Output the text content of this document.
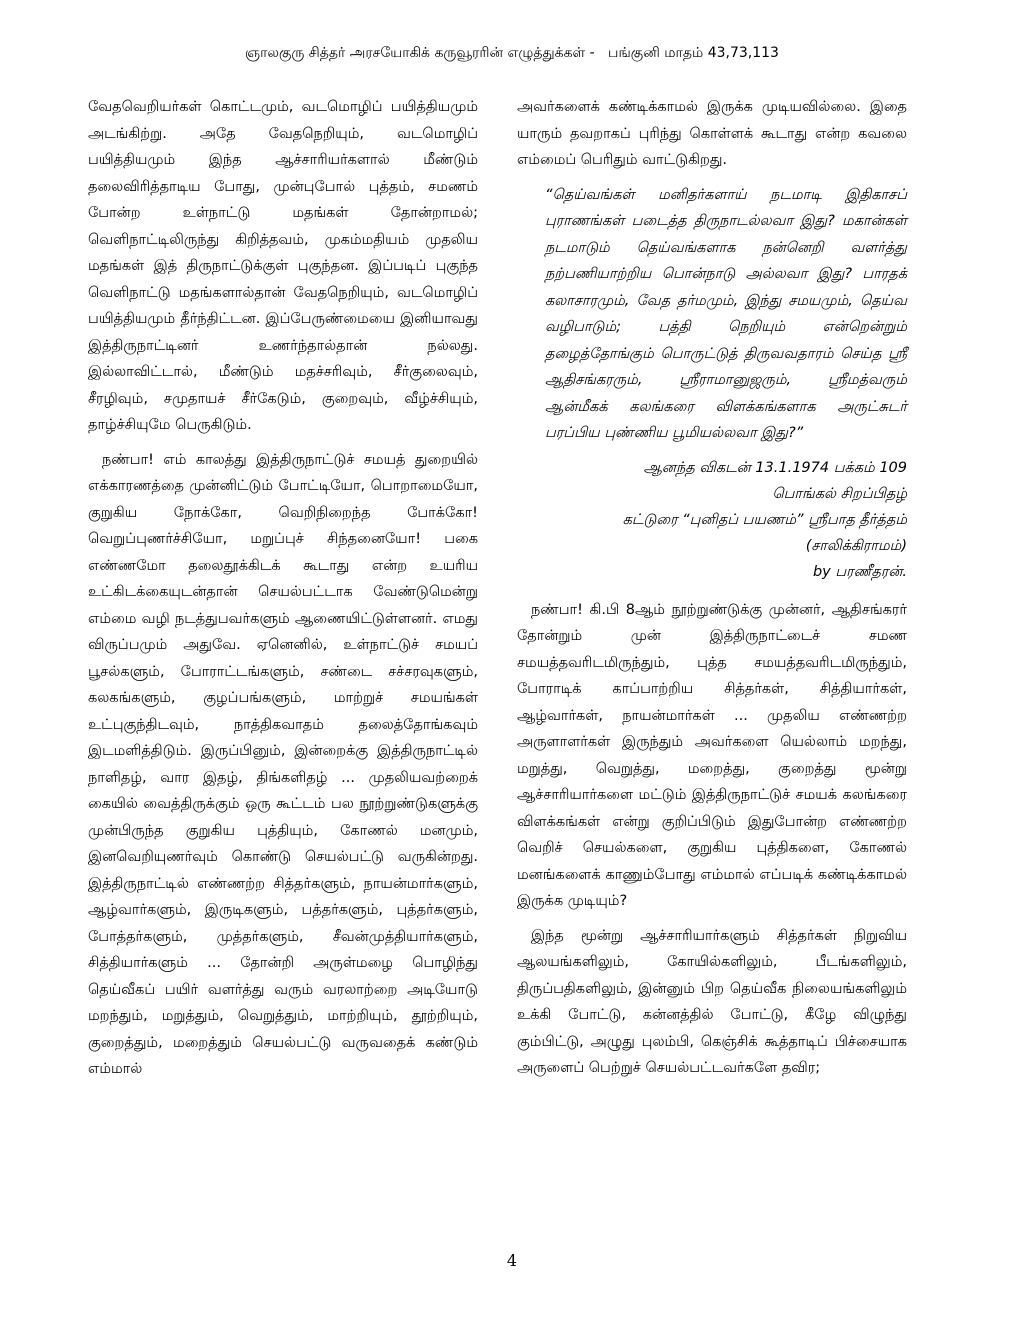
ஞாலகுரு சித்தர் அரசயோகிக் கருவூரரின் எழுத்துக்கள் -   பங்குனி மாதம் 43,73,113

வேதவெறியர்கள் கொட்டமும், வடமொழிப் பயித்தியமும் அடங்கிற்று. அதே வேதநெறியும், வடமொழிப் பயித்தியமும் இந்த ஆச்சாரியர்களால் மீண்டும் தலைவிரித்தாடிய போது, முன்புபோல் புத்தம், சமணம் போன்ற உள்நாட்டு மதங்கள் தோன்றாமல்; வெளிநாட்டிலிருந்து கிறித்தவம், முகம்மதியம் முதலிய மதங்கள் இத் திருநாட்டுக்குள் புகுந்தன. இப்படிப் புகுந்த வெளிநாட்டு மதங்களால்தான் வேதநெறியும், வடமொழிப் பயித்தியமும் தீர்ந்திட்டன. இப்பேருண்மையை இனியாவது இத்திருநாட்டினர் உணர்ந்தால்தான் நல்லது. இல்லாவிட்டால், மீண்டும் மதச்சரிவும், சீர்குலைவும், சீரழிவும், சமுதாயச் சீர்கேடும், குறைவும், வீழ்ச்சியும், தாழ்ச்சியுமே பெருகிடும்.

நண்பா! எம் காலத்து இத்திருநாட்டுச் சமயத் துறையில் எக்காரணத்தை முன்னிட்டும் போட்டியோ, பொறாமையோ, குறுகிய நோக்கோ, வெறிநிறைந்த போக்கோ! வெறுப்புணர்ச்சியோ, மறுப்புச் சிந்தனையோ! பகை எண்ணமோ தலைதூக்கிடக் கூடாது என்ற உயரிய உட்கிடக்கையுடன்தான் செயல்பட்டாக வேண்டுமென்று எம்மை வழி நடத்துபவர்களும் ஆணையிட்டுள்ளனர். எமது விருப்பமும் அதுவே. ஏனெனில், உள்நாட்டுச் சமயப் பூசல்களும், போராட்டங்களும், சண்டை சச்சரவுகளும், கலகங்களும், குழப்பங்களும், மாற்றுச் சமயங்கள் உட்புகுந்திடவும், நாத்திகவாதம் தலைத்தோங்கவும் இடமளித்திடும். இருப்பினும், இன்றைக்கு இத்திருநாட்டில் நாளிதழ், வார இதழ், திங்களிதழ் ... முதலியவற்றைக் கையில் வைத்திருக்கும் ஒரு கூட்டம் பல நூற்றுண்டுகளுக்கு முன்பிருந்த குறுகிய புத்தியும், கோணல் மனமும், இனவெறியுணர்வும் கொண்டு செயல்பட்டு வருகின்றது. இத்திருநாட்டில் எண்ணற்ற சித்தர்களும், நாயன்மார்களும், ஆழ்வார்களும், இருடிகளும், பத்தர்களும், புத்தர்களும், போத்தர்களும், முத்தர்களும், சீவன்முத்தியார்களும், சித்தியார்களும் ... தோன்றி அருள்மழை பொழிந்து தெய்வீகப் பயிர் வளர்த்து வரும் வரலாற்றை அடியோடு மறந்தும், மறுத்தும், வெறுத்தும், மாற்றியும், தூற்றியும், குறைத்தும், மறைத்தும் செயல்பட்டு வருவதைக் கண்டும் எம்மால்

அவர்களைக் கண்டிக்காமல் இருக்க முடியவில்லை. இதை யாரும் தவறாகப் புரிந்து கொள்ளக் கூடாது என்ற கவலை எம்மைப் பெரிதும் வாட்டுகிறது.

“தெய்வங்கள் மனிதர்களாய் நடமாடி இதிகாசப் புராணங்கள் படைத்த திருநாடல்லவா இது? மகான்கள் நடமாடும் தெய்வங்களாக நன்னெறி வளர்த்து நற்பணியாற்றிய பொன்நாடு அல்லவா இது? பாரதக் கலாசாரமும், வேத தர்மமும், இந்து சமயமும், தெய்வ வழிபாடும்; பத்தி நெறியும் என்றென்றும் தழைத்தோங்கும் பொருட்டுத் திருவவதாரம் செய்த ஸ்ரீ ஆதிசங்கரரும், ஸ்ரீராமானுஜரும், ஸ்ரீமத்வரும் ஆன்மீகக் கலங்கரை விளக்கங்களாக அருட்சுடர் பரப்பிய புண்ணிய பூமியல்லவா இது?”

ஆனந்த விகடன் 13.1.1974 பக்கம் 109

பொங்கல் சிறப்பிதழ்

கட்டுரை “புனிதப் பயணம்” ஸ்ரீபாத தீர்த்தம்

(சாலிக்கிராமம்)

by பரணீதரன்.

நண்பா! கி.பி 8ஆம் நூற்றுண்டுக்கு முன்னர், ஆதிசங்கரர் தோன்றும் முன் இத்திருநாட்டைச் சமண சமயத்தவரிடமிருந்தும், புத்த சமயத்தவரிடமிருந்தும், போராடிக் காப்பாற்றிய சித்தர்கள், சித்தியார்கள், ஆழ்வார்கள், நாயன்மார்கள் ... முதலிய எண்ணற்ற அருளாளர்கள் இருந்தும் அவர்களை யெல்லாம் மறந்து, மறுத்து, வெறுத்து, மறைத்து, குறைத்து மூன்று ஆச்சாரியார்களை மட்டும் இத்திருநாட்டுச் சமயக் கலங்கரை விளக்கங்கள் என்று குறிப்பிடும் இதுபோன்ற எண்ணற்ற வெறிச் செயல்களை, குறுகிய புத்திகளை, கோணல் மனங்களைக் காணும்போது எம்மால் எப்படிக் கண்டிக்காமல் இருக்க முடியும்?

இந்த மூன்று ஆச்சாரியார்களும் சித்தர்கள் நிறுவிய ஆலயங்களிலும், கோயில்களிலும், பீடங்களிலும், திருப்பதிகளிலும், இன்னும் பிற தெய்வீக நிலையங்களிலும் உக்கி போட்டு, கன்னத்தில் போட்டு, கீழே விழுந்து கும்பிட்டு, அழுது புலம்பி, கெஞ்சிக் கூத்தாடிப் பிச்சையாக அருளைப் பெற்றுச் செயல்பட்டவர்களே தவிர;

4
